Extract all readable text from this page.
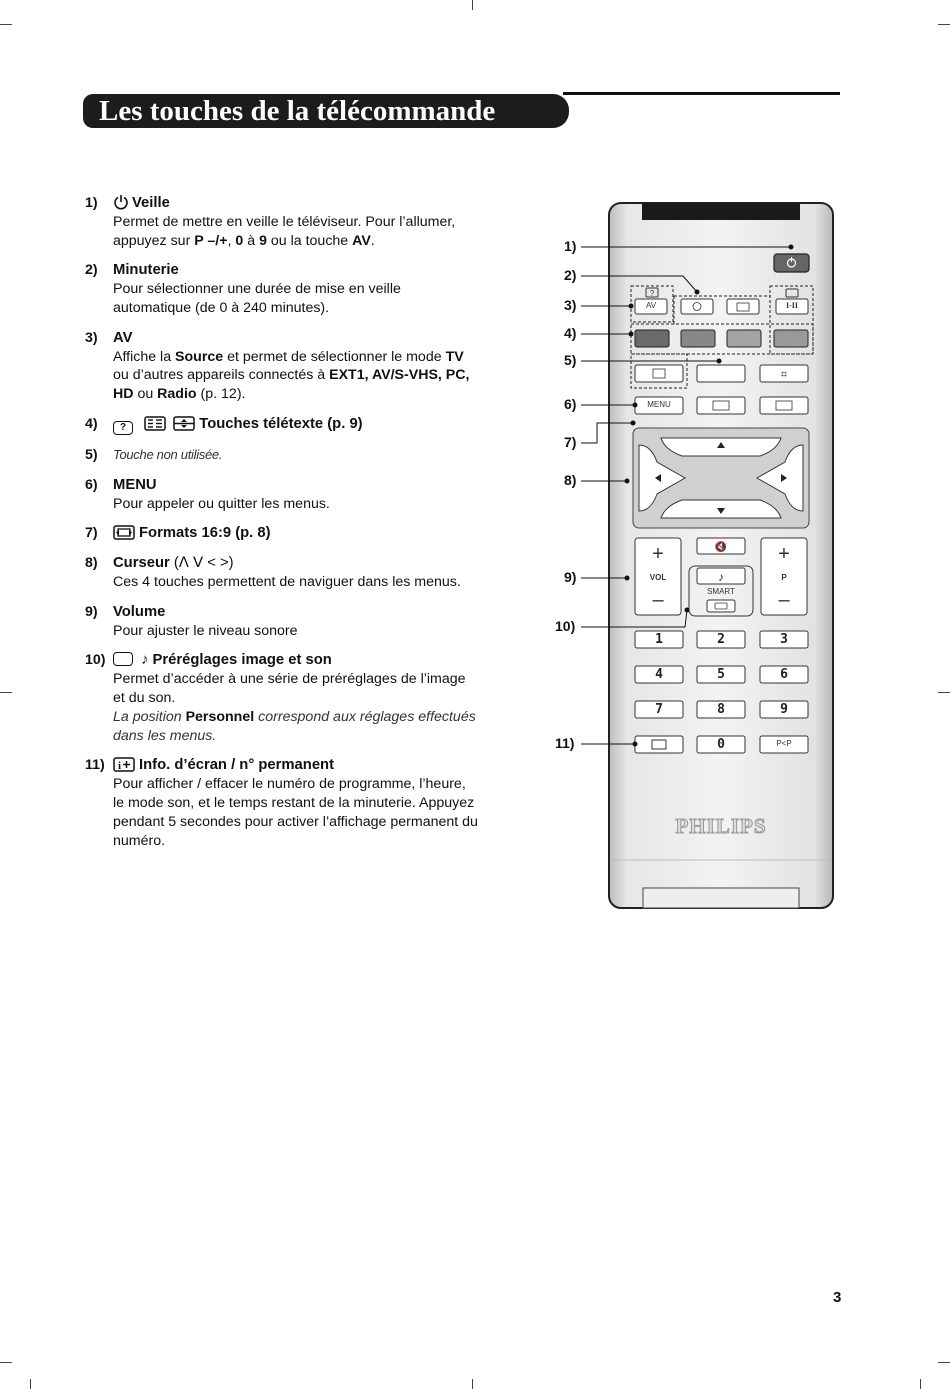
Les touches de la télécommande
1)	Veille
Permet de mettre en veille le téléviseur. Pour l’allumer, appuyez sur P –/+, 0 à 9 ou la touche AV.
2) Minuterie
Pour sélectionner une durée de mise en veille automatique (de 0 à 240 minutes).
3) AV
Affiche la Source et permet de sélectionner le mode TV ou d’autres appareils connectés à EXT1, AV/S-VHS, PC, HD ou Radio (p. 12).
4)	?	Touches télétexte (p. 9)
5) Touche non utilisée.
6) MENU
Pour appeler ou quitter les menus.
7)	Formats 16:9 (p. 8)
8) Curseur (ᐱ ᐯ < >)
Ces 4 touches permettent de naviguer dans les menus.
9) Volume
Pour ajuster le niveau sonore
10)	♪ Préréglages image et son
Permet d’accéder à une série de préréglages de l’image et du son.
La position Personnel correspond aux réglages effectués dans les menus.
11) i Info. d’écran / n° permanent
Pour afficher / effacer le numéro de programme, l’heure, le mode son, et le temps restant de la minuterie. Appuyez pendant 5 secondes pour activer l’affichage permanent du numéro.
?
⌗
+
–
+
–
🔇
♪
AV	I-II
MENU
VOL	P
SMART
P<P
1	2	3
4	5	6
7	8	9
0
PHILIPS
1)
2)
3)
4)
5)
6)
7)
8)
9)
10)
11)
3
